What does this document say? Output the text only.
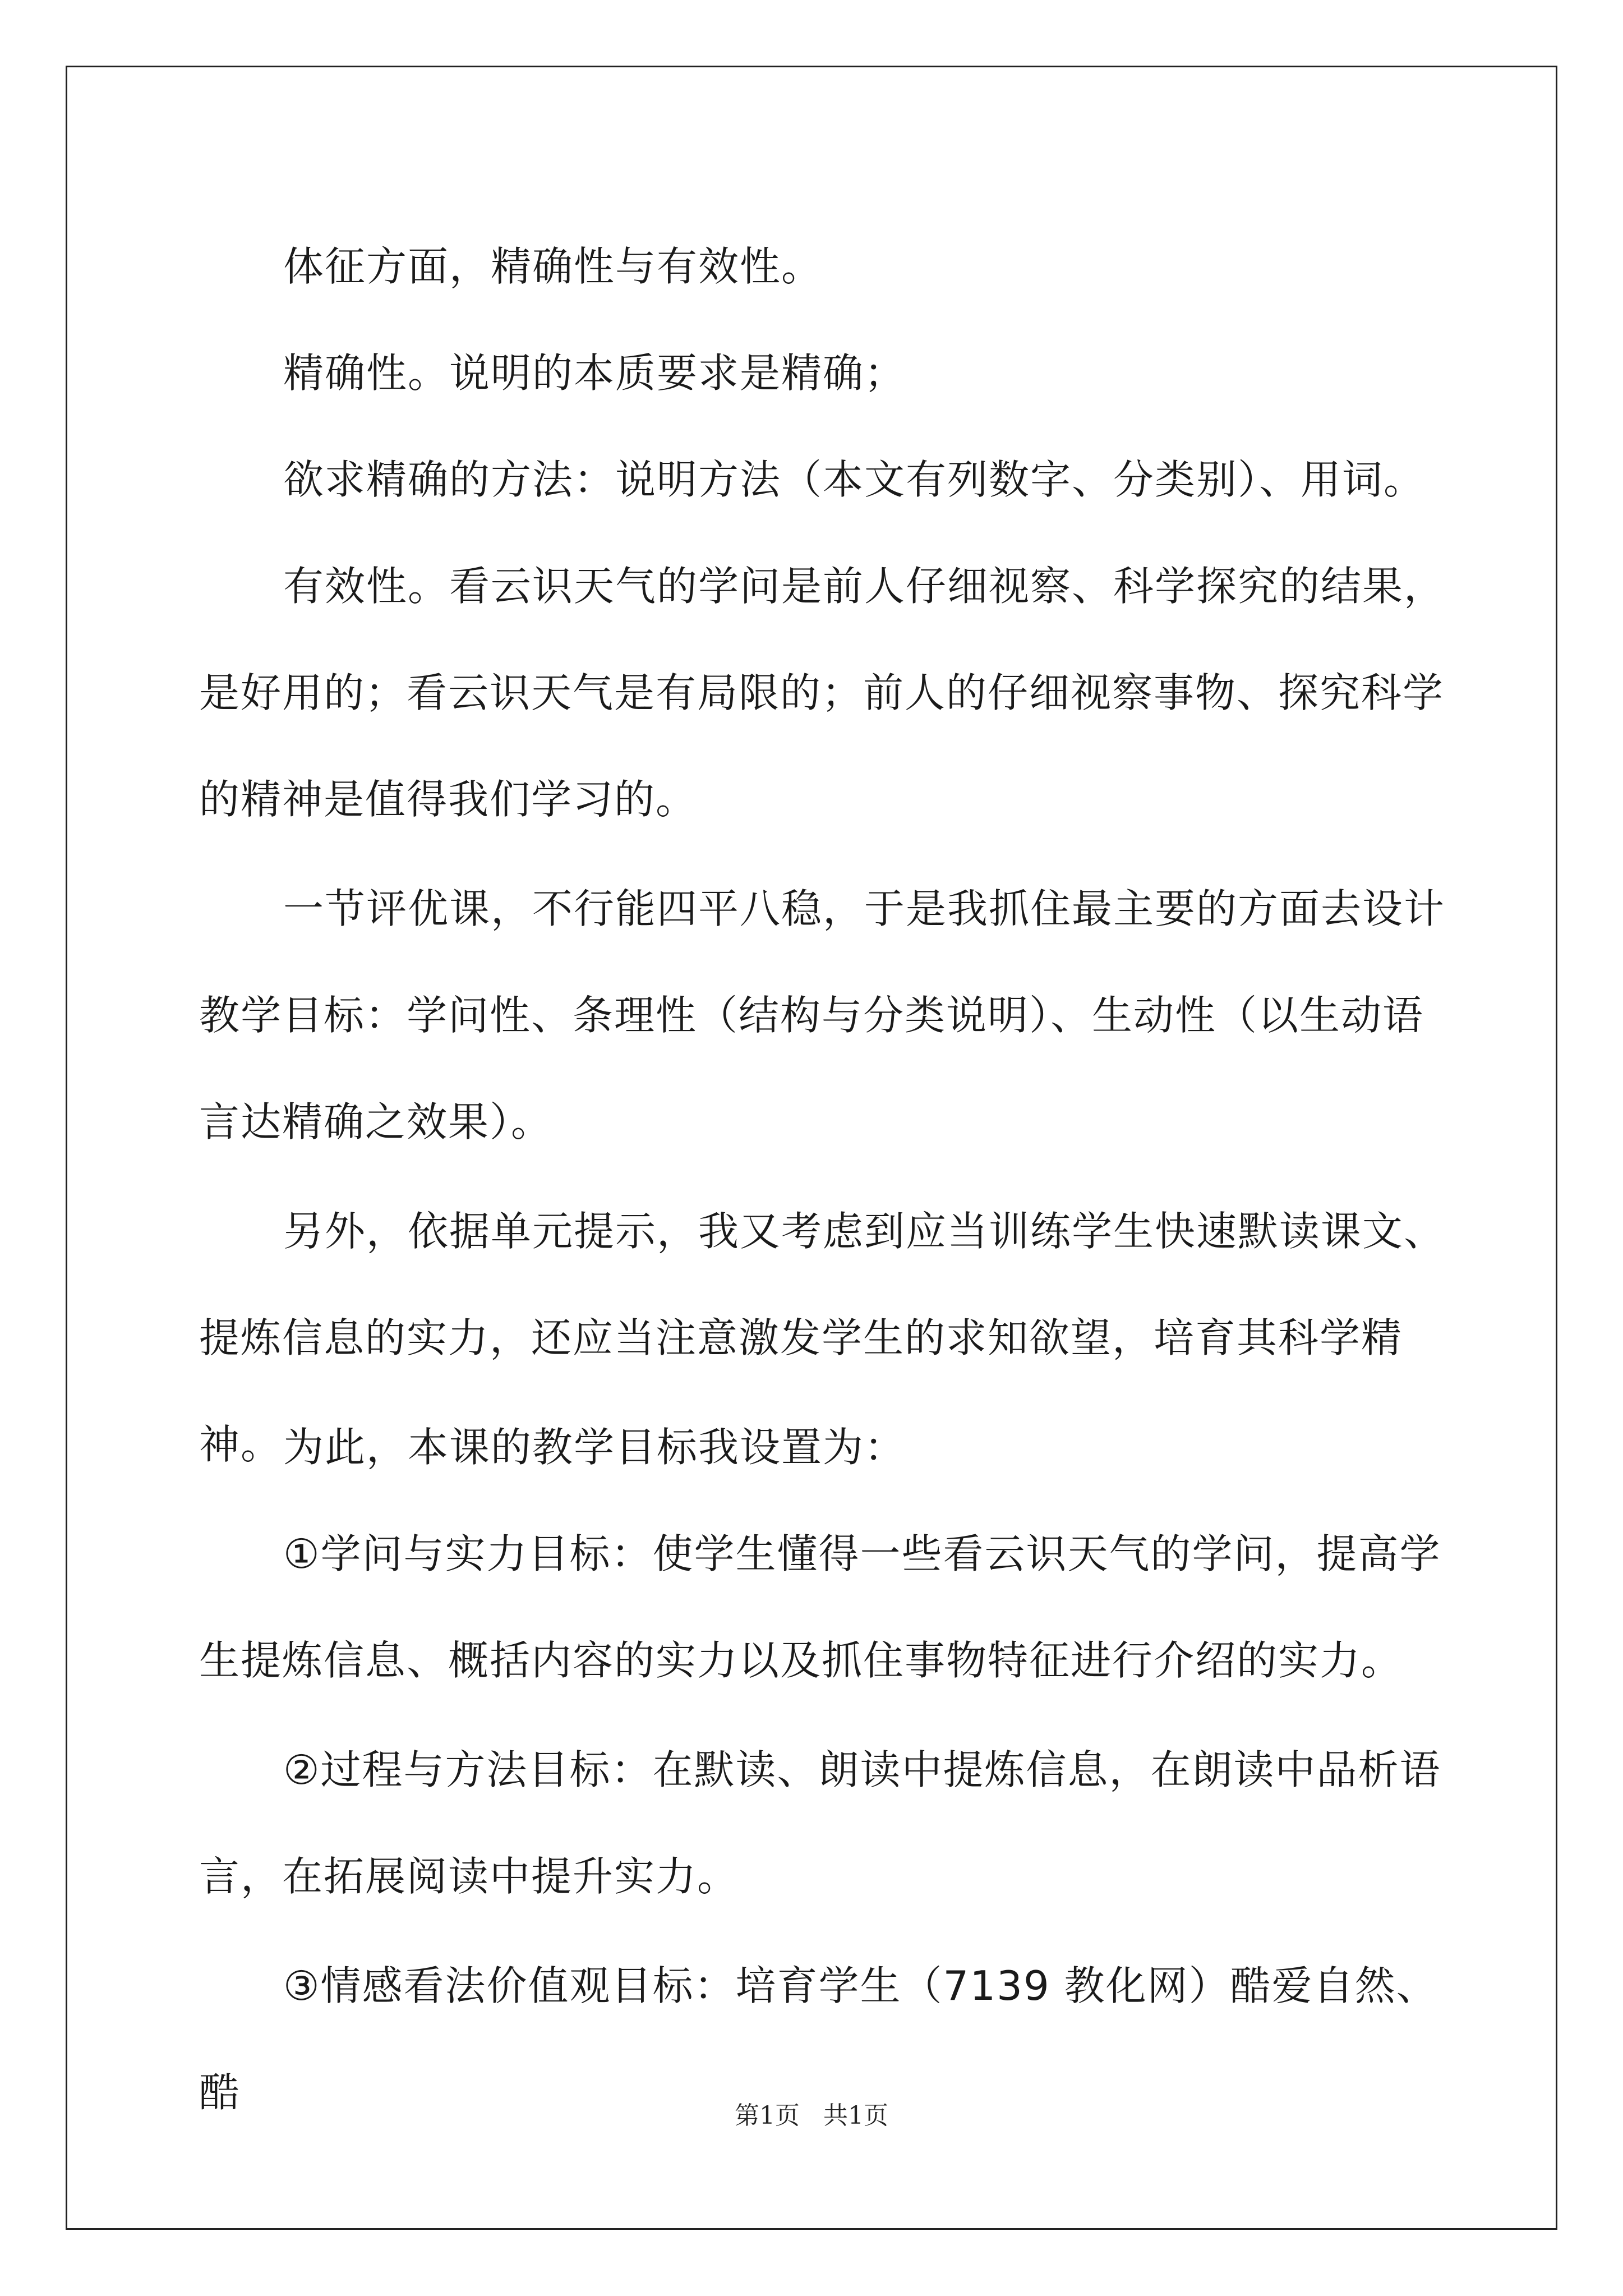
体征方面，精确性与有效性。

精确性。说明的本质要求是精确；

欲求精确的方法：说明方法（本文有列数字、分类别）、用词。

有效性。看云识天气的学问是前人仔细视察、科学探究的结果，是好用的；看云识天气是有局限的；前人的仔细视察事物、探究科学的精神是值得我们学习的。

一节评优课，不行能四平八稳，于是我抓住最主要的方面去设计教学目标：学问性、条理性（结构与分类说明）、生动性（以生动语言达精确之效果）。

另外，依据单元提示，我又考虑到应当训练学生快速默读课文、提炼信息的实力，还应当注意激发学生的求知欲望，培育其科学精神。 为此，本课的教学目标我设置为：

①学问与实力目标：使学生懂得一些看云识天气的学问，提高学生提炼信息、概括内容的实力以及抓住事物特征进行介绍的实力。

②过程与方法目标：在默读、朗读中提炼信息，在朗读中品析语言，在拓展阅读中提升实力。

③情感看法价值观目标：培育学生（7139 教化网）酷爱自然、酷	第1页 共1页
